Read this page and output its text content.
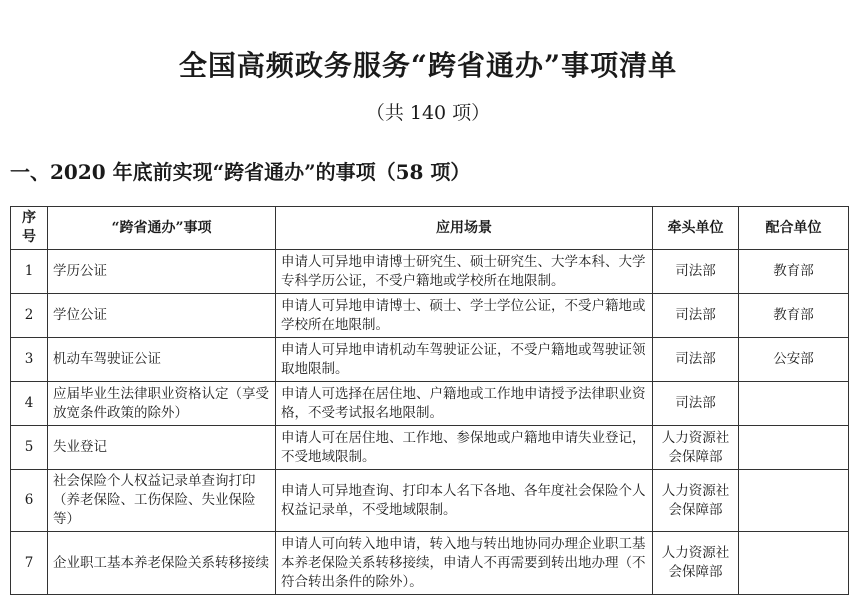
全国高频政务服务“跨省通办”事项清单
（共 140 项）
一、2020 年底前实现“跨省通办”的事项（58 项）
序号	“跨省通办”事项	应用场景	牵头单位	配合单位
1	学历公证	申请人可异地申请博士研究生、硕士研究生、大学本科、大学专科学历公证，不受户籍地或学校所在地限制。	司法部	教育部
2	学位公证	申请人可异地申请博士、硕士、学士学位公证，不受户籍地或学校所在地限制。	司法部	教育部
3	机动车驾驶证公证	申请人可异地申请机动车驾驶证公证，不受户籍地或驾驶证领取地限制。	司法部	公安部
4	应届毕业生法律职业资格认定（享受放宽条件政策的除外）	申请人可选择在居住地、户籍地或工作地申请授予法律职业资格，不受考试报名地限制。	司法部	
5	失业登记	申请人可在居住地、工作地、参保地或户籍地申请失业登记，不受地域限制。	人力资源社会保障部	
6	社会保险个人权益记录单查询打印（养老保险、工伤保险、失业保险等）	申请人可异地查询、打印本人名下各地、各年度社会保险个人权益记录单，不受地域限制。	人力资源社会保障部	
7	企业职工基本养老保险关系转移接续	申请人可向转入地申请，转入地与转出地协同办理企业职工基本养老保险关系转移接续，申请人不再需要到转出地办理（不符合转出条件的除外）。	人力资源社会保障部	
